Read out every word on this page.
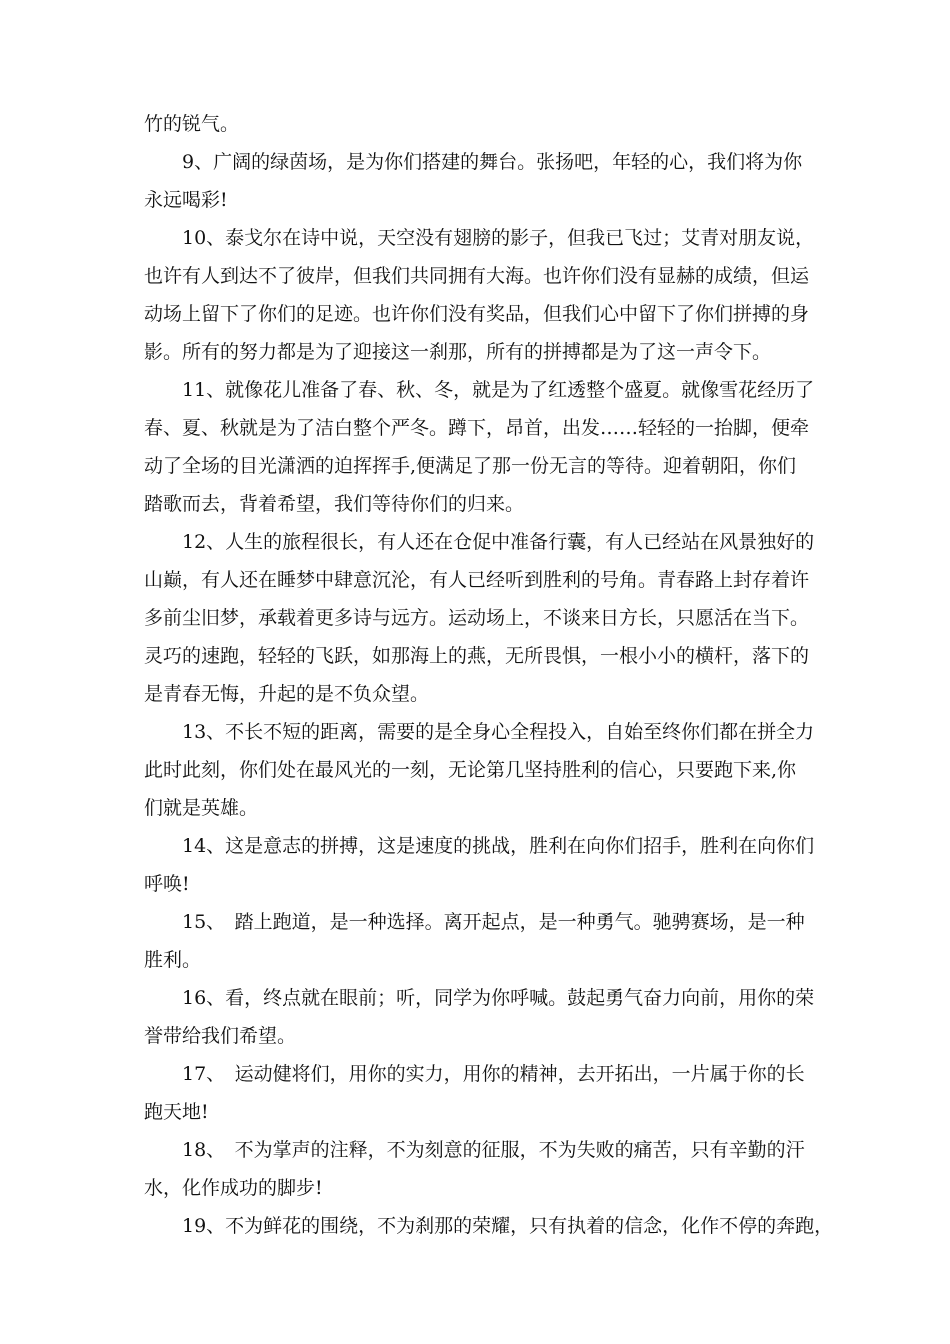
竹的锐气。
　　9、广阔的绿茵场，是为你们搭建的舞台。张扬吧，年轻的心，我们将为你
永远喝彩!
　　10、泰戈尔在诗中说，天空没有翅膀的影子，但我已飞过；艾青对朋友说，
也许有人到达不了彼岸，但我们共同拥有大海。也许你们没有显赫的成绩，但运
动场上留下了你们的足迹。也许你们没有奖品，但我们心中留下了你们拼搏的身
影。所有的努力都是为了迎接这一刹那，所有的拼搏都是为了这一声令下。
　　11、就像花儿准备了春、秋、冬，就是为了红透整个盛夏。就像雪花经历了
春、夏、秋就是为了洁白整个严冬。蹲下，昂首，出发……轻轻的一抬脚，便牵
动了全场的目光潇洒的迫挥挥手,便满足了那一份无言的等待。迎着朝阳，你们
踏歌而去，背着希望，我们等待你们的归来。
　　12、人生的旅程很长，有人还在仓促中准备行囊，有人已经站在风景独好的
山巅，有人还在睡梦中肆意沉沦，有人已经听到胜利的号角。青春路上封存着许
多前尘旧梦，承载着更多诗与远方。运动场上，不谈来日方长，只愿活在当下。
灵巧的速跑，轻轻的飞跃，如那海上的燕，无所畏惧，一根小小的横杆，落下的
是青春无悔，升起的是不负众望。
　　13、不长不短的距离，需要的是全身心全程投入，自始至终你们都在拼全力
此时此刻，你们处在最风光的一刻，无论第几坚持胜利的信心，只要跑下来,你
们就是英雄。
　　14、这是意志的拼搏，这是速度的挑战，胜利在向你们招手，胜利在向你们
呼唤!
　　15、　踏上跑道，是一种选择。离开起点，是一种勇气。驰骋赛场，是一种
胜利。
　　16、看，终点就在眼前；听，同学为你呼喊。鼓起勇气奋力向前，用你的荣
誉带给我们希望。
　　17、　运动健将们，用你的实力，用你的精神，去开拓出，一片属于你的长
跑天地!
　　18、　不为掌声的注释，不为刻意的征服，不为失败的痛苦，只有辛勤的汗
水，化作成功的脚步!
　　19、不为鲜花的围绕，不为刹那的荣耀，只有执着的信念，化作不停的奔跑，
